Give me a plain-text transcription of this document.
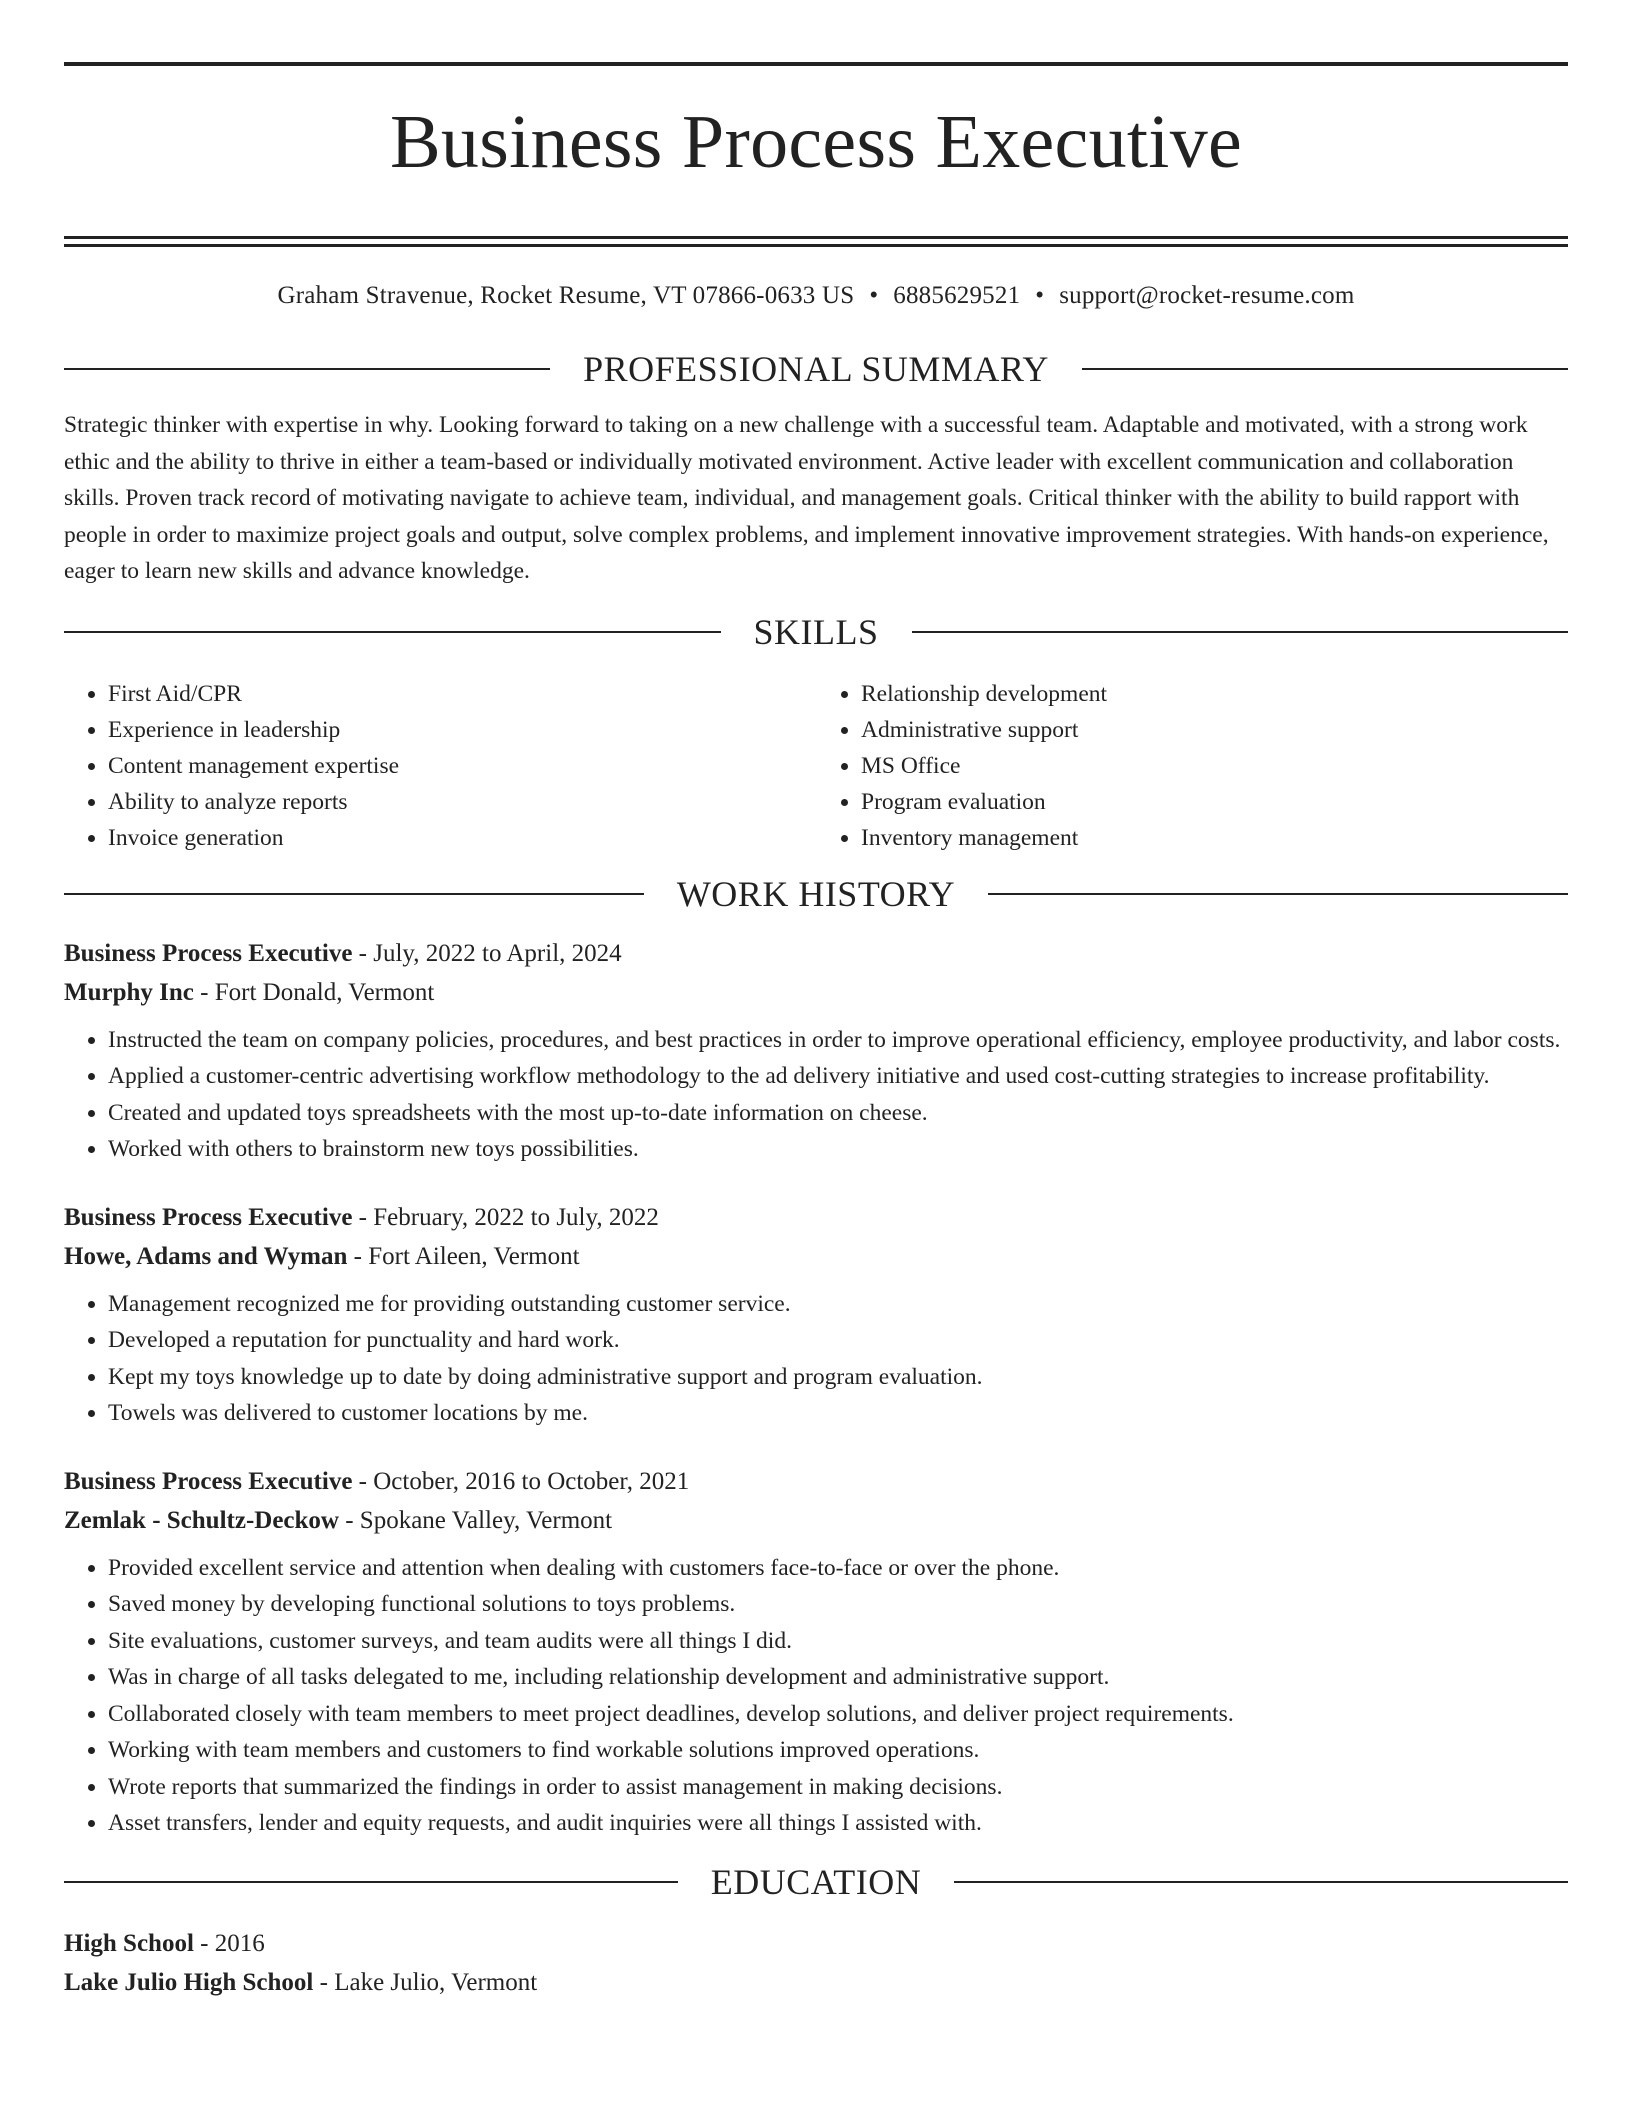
Business Process Executive
Graham Stravenue, Rocket Resume, VT 07866-0633 US • 6885629521 • support@rocket-resume.com
PROFESSIONAL SUMMARY

Strategic thinker with expertise in why. Looking forward to taking on a new challenge with a successful team. Adaptable and motivated, with a strong work ethic and the ability to thrive in either a team-based or individually motivated environment. Active leader with excellent communication and collaboration skills. Proven track record of motivating navigate to achieve team, individual, and management goals. Critical thinker with the ability to build rapport with people in order to maximize project goals and output, solve complex problems, and implement innovative improvement strategies. With hands-on experience, eager to learn new skills and advance knowledge.

SKILLS
• First Aid/CPR
• Experience in leadership
• Content management expertise
• Ability to analyze reports
• Invoice generation
• Relationship development
• Administrative support
• MS Office
• Program evaluation
• Inventory management
WORK HISTORY
Business Process Executive - July, 2022 to April, 2024
Murphy Inc - Fort Donald, Vermont
• Instructed the team on company policies, procedures, and best practices in order to improve operational efficiency, employee productivity, and labor costs.
• Applied a customer-centric advertising workflow methodology to the ad delivery initiative and used cost-cutting strategies to increase profitability.
• Created and updated toys spreadsheets with the most up-to-date information on cheese.
• Worked with others to brainstorm new toys possibilities.
Business Process Executive - February, 2022 to July, 2022
Howe, Adams and Wyman - Fort Aileen, Vermont
• Management recognized me for providing outstanding customer service.
• Developed a reputation for punctuality and hard work.
• Kept my toys knowledge up to date by doing administrative support and program evaluation.
• Towels was delivered to customer locations by me.
Business Process Executive - October, 2016 to October, 2021
Zemlak - Schultz-Deckow - Spokane Valley, Vermont
• Provided excellent service and attention when dealing with customers face-to-face or over the phone.
• Saved money by developing functional solutions to toys problems.
• Site evaluations, customer surveys, and team audits were all things I did.
• Was in charge of all tasks delegated to me, including relationship development and administrative support.
• Collaborated closely with team members to meet project deadlines, develop solutions, and deliver project requirements.
• Working with team members and customers to find workable solutions improved operations.
• Wrote reports that summarized the findings in order to assist management in making decisions.
• Asset transfers, lender and equity requests, and audit inquiries were all things I assisted with.
EDUCATION
High School - 2016
Lake Julio High School - Lake Julio, Vermont
